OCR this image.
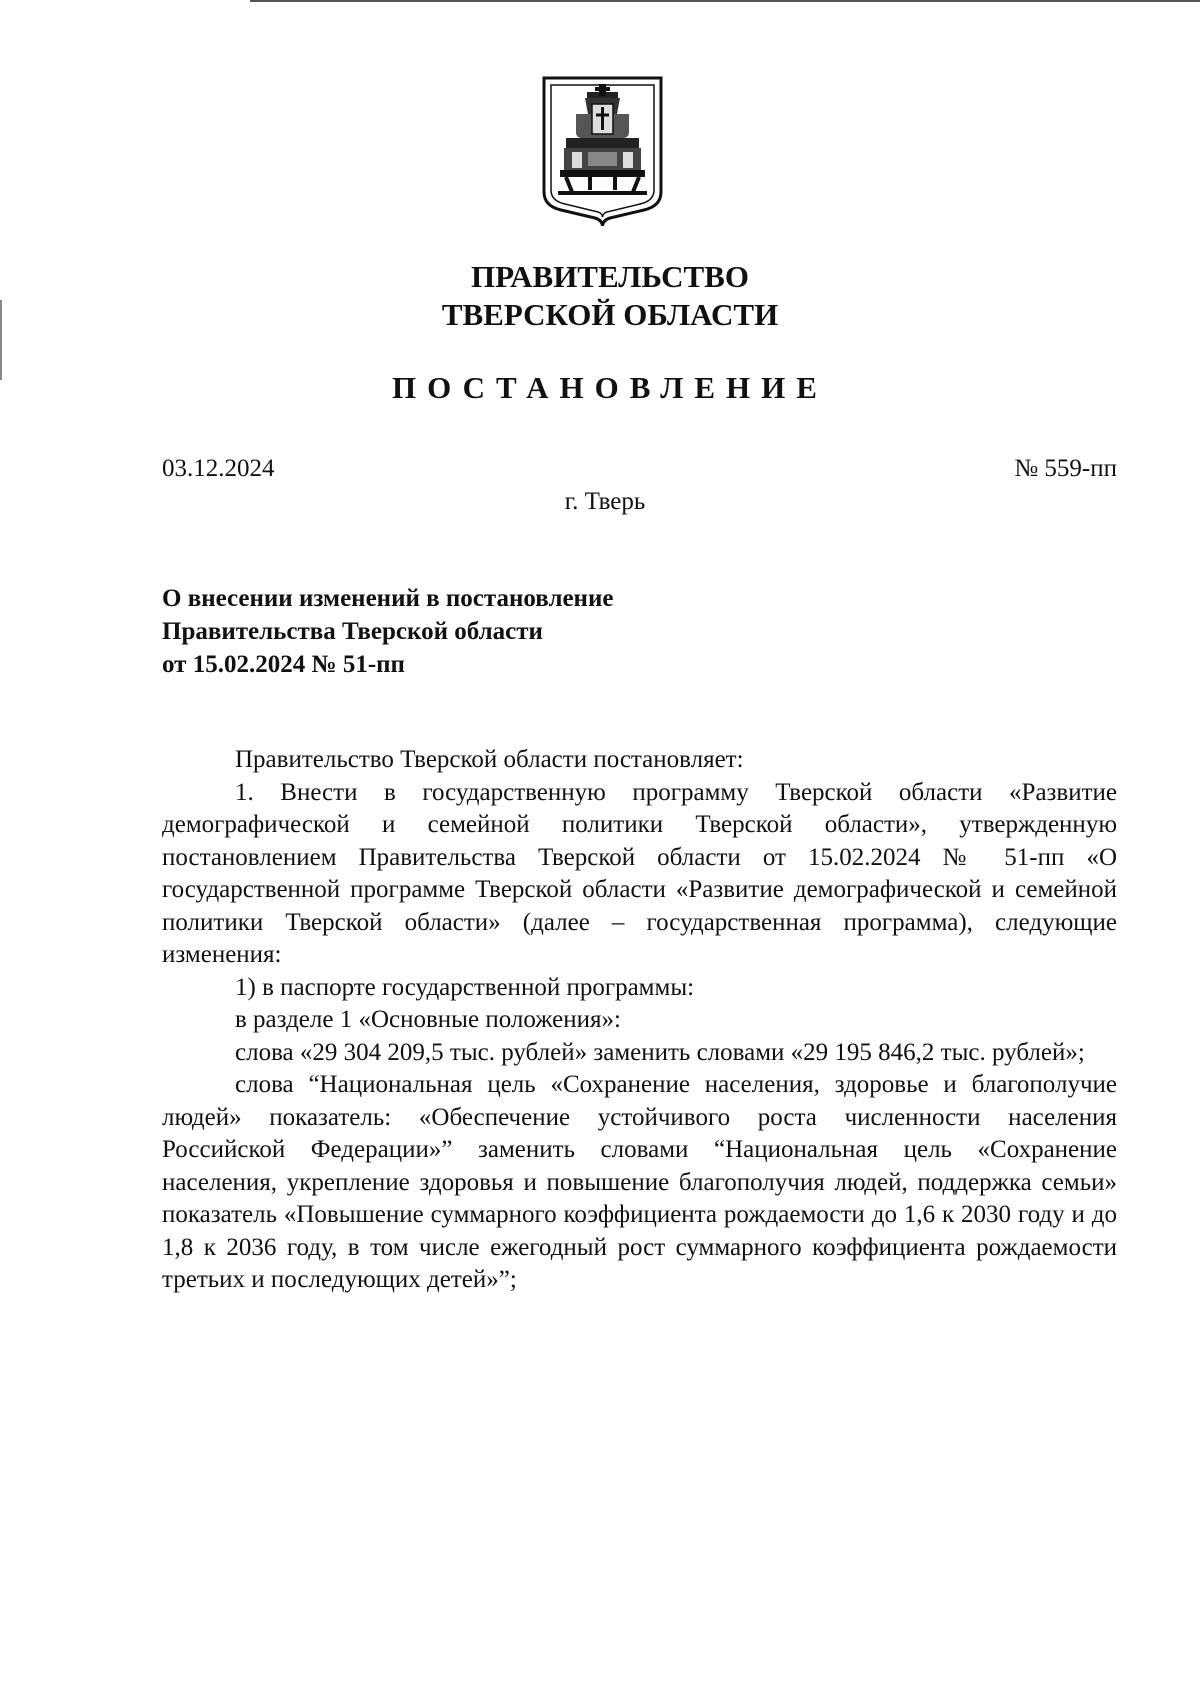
ПРАВИТЕЛЬСТВО
ТВЕРСКОЙ ОБЛАСТИ
ПОСТАНОВЛЕНИЕ
03.12.2024	№ 559-пп
г. Тверь
О внесении изменений в постановление
Правительства Тверской области
от 15.02.2024 № 51-пп

Правительство Тверской области постановляет:

1. Внести в государственную программу Тверской области «Развитие демографической и семейной политики Тверской области», утвержденную постановлением Правительства Тверской области от 15.02.2024 № 51-пп «О государственной программе Тверской области «Развитие демографической и семейной политики Тверской области» (далее – государственная программа), следующие изменения:

1) в паспорте государственной программы:

в разделе 1 «Основные положения»:

слова «29 304 209,5 тыс. рублей» заменить словами «29 195 846,2 тыс. рублей»;

слова “Национальная цель «Сохранение населения, здоровье и благополучие людей» показатель: «Обеспечение устойчивого роста численности населения Российской Федерации»” заменить словами “Национальная цель «Сохранение населения, укрепление здоровья и повышение благополучия людей, поддержка семьи» показатель «Повышение суммарного коэффициента рождаемости до 1,6 к 2030 году и до 1,8 к 2036 году, в том числе ежегодный рост суммарного коэффициента рождаемости третьих и последующих детей»”;
